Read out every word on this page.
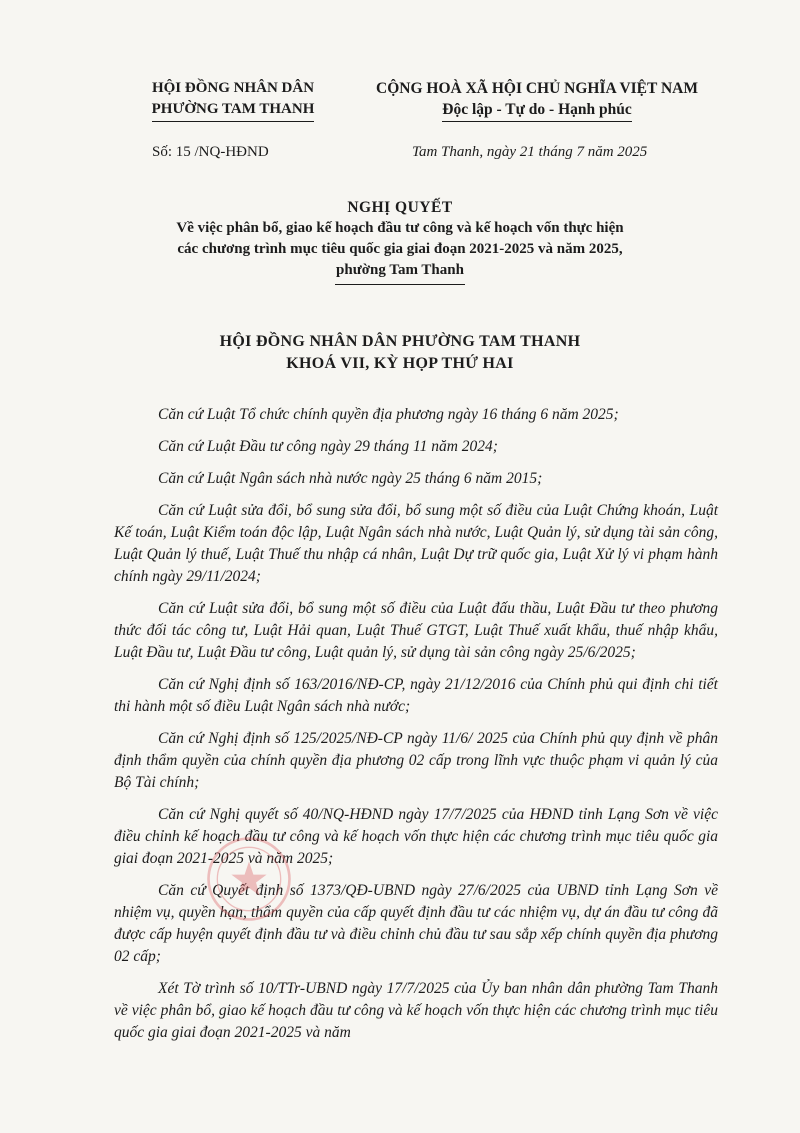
HỘI ĐỒNG NHÂN DÂN
PHƯỜNG TAM THANH
CỘNG HOÀ XÃ HỘI CHỦ NGHĨA VIỆT NAM
Độc lập - Tự do - Hạnh phúc
Số: 15 /NQ-HĐND	Tam Thanh, ngày 21 tháng 7 năm 2025
NGHỊ QUYẾT
Về việc phân bổ, giao kế hoạch đầu tư công và kế hoạch vốn thực hiện
các chương trình mục tiêu quốc gia giai đoạn 2021-2025 và năm 2025,
phường Tam Thanh
HỘI ĐỒNG NHÂN DÂN PHƯỜNG TAM THANH
KHOÁ VII, KỲ HỌP THỨ HAI

Căn cứ Luật Tổ chức chính quyền địa phương ngày 16 tháng 6 năm 2025;

Căn cứ Luật Đầu tư công ngày 29 tháng 11 năm 2024;

Căn cứ Luật Ngân sách nhà nước ngày 25 tháng 6 năm 2015;

Căn cứ Luật sửa đổi, bổ sung sửa đổi, bổ sung một số điều của Luật Chứng khoán, Luật Kế toán, Luật Kiểm toán độc lập, Luật Ngân sách nhà nước, Luật Quản lý, sử dụng tài sản công, Luật Quản lý thuế, Luật Thuế thu nhập cá nhân, Luật Dự trữ quốc gia, Luật Xử lý vi phạm hành chính ngày 29/11/2024;

Căn cứ Luật sửa đổi, bổ sung một số điều của Luật đấu thầu, Luật Đầu tư theo phương thức đối tác công tư, Luật Hải quan, Luật Thuế GTGT, Luật Thuế xuất khẩu, thuế nhập khẩu, Luật Đầu tư, Luật Đầu tư công, Luật quản lý, sử dụng tài sản công ngày 25/6/2025;

Căn cứ Nghị định số 163/2016/NĐ-CP, ngày 21/12/2016 của Chính phủ qui định chi tiết thi hành một số điều Luật Ngân sách nhà nước;

Căn cứ Nghị định số 125/2025/NĐ-CP ngày 11/6/ 2025 của Chính phủ quy định về phân định thẩm quyền của chính quyền địa phương 02 cấp trong lĩnh vực thuộc phạm vi quản lý của Bộ Tài chính;

Căn cứ Nghị quyết số 40/NQ-HĐND ngày 17/7/2025 của HĐND tỉnh Lạng Sơn về việc điều chỉnh kế hoạch đầu tư công và kế hoạch vốn thực hiện các chương trình mục tiêu quốc gia giai đoạn 2021-2025 và năm 2025;

Căn cứ Quyết định số 1373/QĐ-UBND ngày 27/6/2025 của UBND tỉnh Lạng Sơn về nhiệm vụ, quyền hạn, thẩm quyền của cấp quyết định đầu tư các nhiệm vụ, dự án đầu tư công đã được cấp huyện quyết định đầu tư và điều chỉnh chủ đầu tư sau sắp xếp chính quyền địa phương 02 cấp;

Xét Tờ trình số 10/TTr-UBND ngày 17/7/2025 của Ủy ban nhân dân phường Tam Thanh về việc phân bổ, giao kế hoạch đầu tư công và kế hoạch vốn thực hiện các chương trình mục tiêu quốc gia giai đoạn 2021-2025 và năm
